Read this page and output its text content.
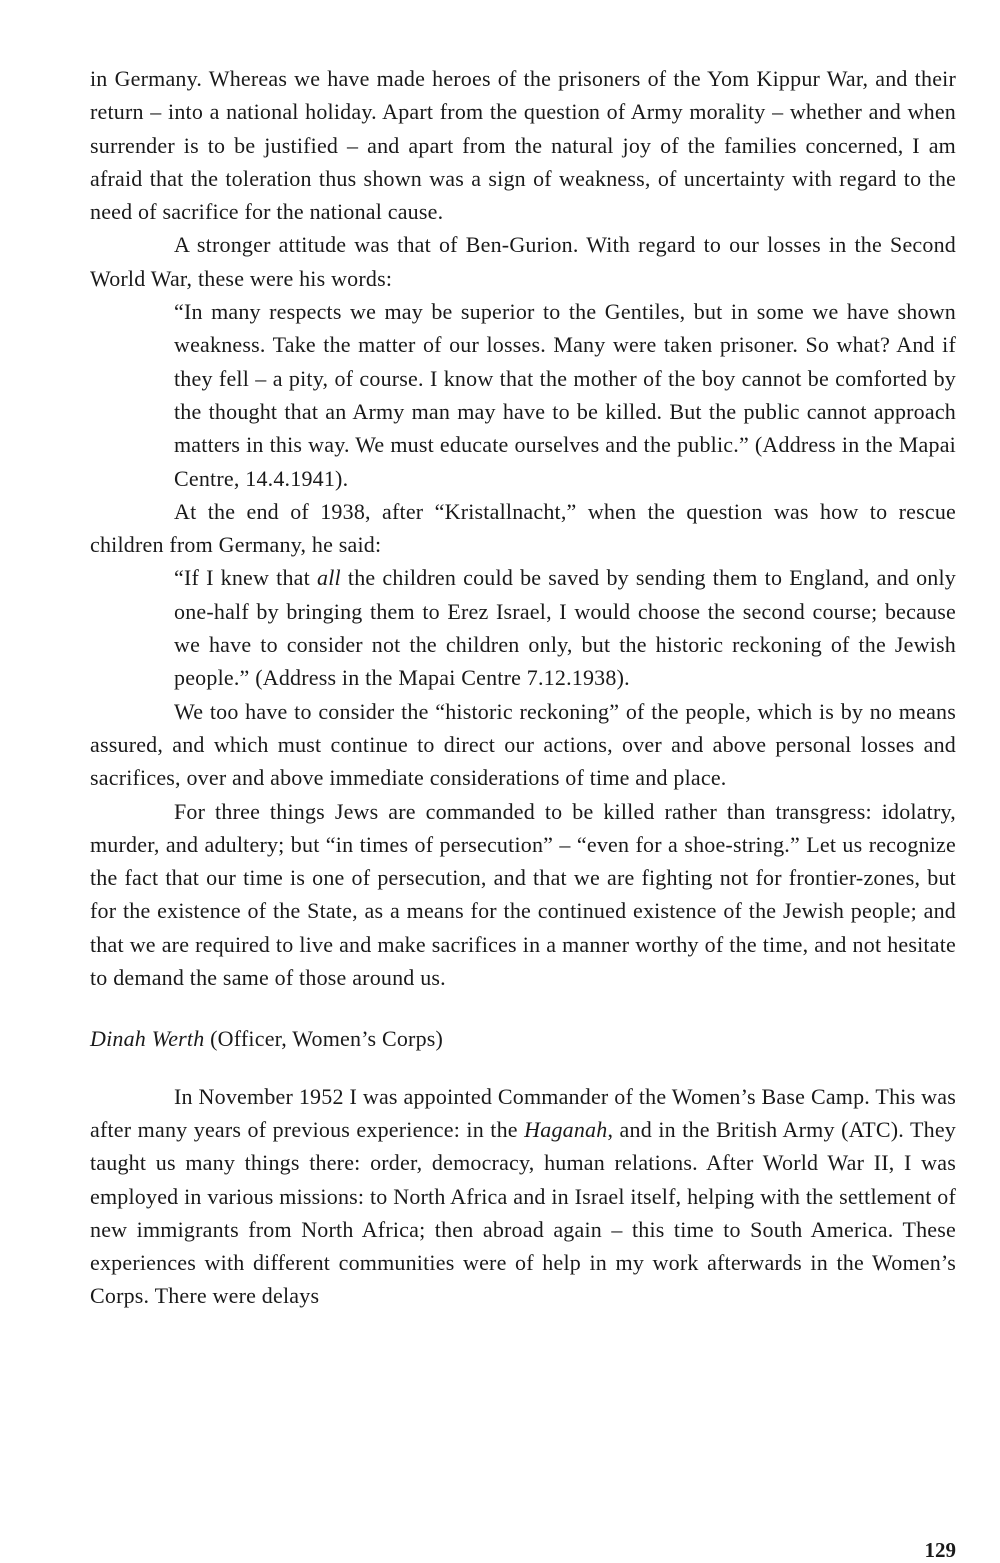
in Germany. Whereas we have made heroes of the prisoners of the Yom Kippur War, and their return – into a national holiday. Apart from the question of Army morality – whether and when surrender is to be justified – and apart from the natural joy of the families concerned, I am afraid that the toleration thus shown was a sign of weakness, of uncertainty with regard to the need of sacrifice for the national cause.

A stronger attitude was that of Ben-Gurion. With regard to our losses in the Second World War, these were his words:

“In many respects we may be superior to the Gentiles, but in some we have shown weakness. Take the matter of our losses. Many were taken prisoner. So what? And if they fell – a pity, of course. I know that the mother of the boy cannot be comforted by the thought that an Army man may have to be killed. But the public cannot approach matters in this way. We must educate ourselves and the public.” (Address in the Mapai Centre, 14.4.1941).

At the end of 1938, after “Kristallnacht,” when the question was how to rescue children from Germany, he said:

“If I knew that all the children could be saved by sending them to England, and only one-half by bringing them to Erez Israel, I would choose the second course; because we have to consider not the children only, but the historic reckoning of the Jewish people.” (Address in the Mapai Centre 7.12.1938).

We too have to consider the “historic reckoning” of the people, which is by no means assured, and which must continue to direct our actions, over and above personal losses and sacrifices, over and above immediate considerations of time and place.

For three things Jews are commanded to be killed rather than transgress: idolatry, murder, and adultery; but “in times of persecution” – “even for a shoe-string.” Let us recognize the fact that our time is one of persecution, and that we are fighting not for frontier-zones, but for the existence of the State, as a means for the continued existence of the Jewish people; and that we are required to live and make sacrifices in a manner worthy of the time, and not hesitate to demand the same of those around us.

Dinah Werth (Officer, Women’s Corps)

In November 1952 I was appointed Commander of the Women’s Base Camp. This was after many years of previous experience: in the Haganah, and in the British Army (ATC). They taught us many things there: order, democracy, human relations. After World War II, I was employed in various missions: to North Africa and in Israel itself, helping with the settlement of new immigrants from North Africa; then abroad again – this time to South America. These experiences with different communities were of help in my work afterwards in the Women’s Corps. There were delays

129
